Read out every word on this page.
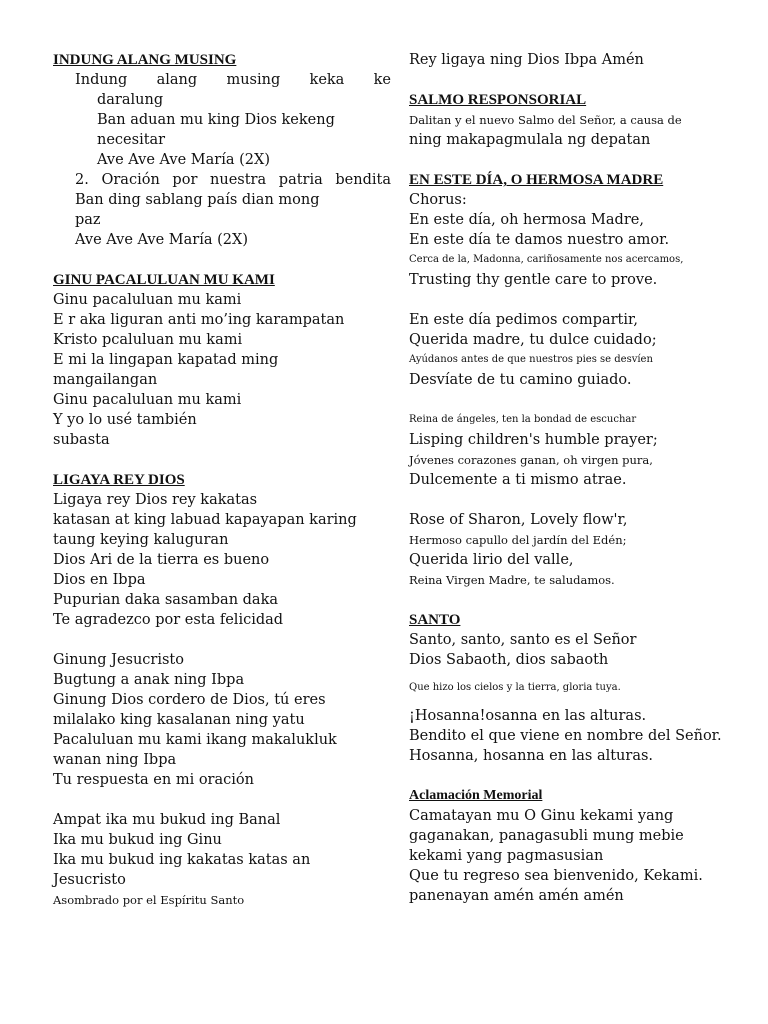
INDUNG ALANG MUSING
Indung alang musing keka ke
daralung
Ban aduan mu king Dios kekeng
necesitar
Ave Ave Ave María (2X)
2. Oración por nuestra patria bendita
Ban ding sablang país dian mong
paz
Ave Ave Ave María (2X)
GINU PACALULUAN MU KAMI
Ginu pacaluluan mu kami
E r aka liguran anti mo’ing karampatan
Kristo pcaluluan mu kami
E mi la lingapan kapatad ming
mangailangan
Ginu pacaluluan mu kami
Y yo lo usé también
subasta
LIGAYA REY DIOS
Ligaya rey Dios rey kakatas
katasan at king labuad kapayapan karing
taung keying kaluguran
Dios Ari de la tierra es bueno
Dios en Ibpa
Pupurian daka sasamban daka
Te agradezco por esta felicidad
Ginung Jesucristo
Bugtung a anak ning Ibpa
Ginung Dios cordero de Dios, tú eres
milalako king kasalanan ning yatu
Pacaluluan mu kami ikang makalukluk
wanan ning Ibpa
Tu respuesta en mi oración
Ampat ika mu bukud ing Banal
Ika mu bukud ing Ginu
Ika mu bukud ing kakatas katas an
Jesucristo
Asombrado por el Espíritu Santo
Rey ligaya ning Dios Ibpa Amén
SALMO RESPONSORIAL
Dalitan y el nuevo Salmo del Señor, a causa de
ning makapagmulala ng depatan
EN ESTE DÍA, O HERMOSA MADRE
Chorus:
En este día, oh hermosa Madre,
En este día te damos nuestro amor.
Cerca de la, Madonna, cariñosamente nos acercamos,
Trusting thy gentle care to prove.
En este día pedimos compartir,
Querida madre, tu dulce cuidado;
Ayúdanos antes de que nuestros pies se desvíen
Desvíate de tu camino guiado.
Reina de ángeles, ten la bondad de escuchar
Lisping children's humble prayer;
Jóvenes corazones ganan, oh virgen pura,
Dulcemente a ti mismo atrae.
Rose of Sharon, Lovely flow'r,
Hermoso capullo del jardín del Edén;
Querida lirio del valle,
Reina Virgen Madre, te saludamos.
SANTO
Santo, santo, santo es el Señor
Dios Sabaoth, dios sabaoth
Que hizo los cielos y la tierra, gloria tuya.
¡Hosanna!osanna en las alturas.
Bendito el que viene en nombre del Señor.
Hosanna, hosanna en las alturas.
Aclamación Memorial
Camatayan mu O Ginu kekami yang
gaganakan, panagasubli mung mebie
kekami yang pagmasusian
Que tu regreso sea bienvenido, Kekami.
panenayan amén amén amén
